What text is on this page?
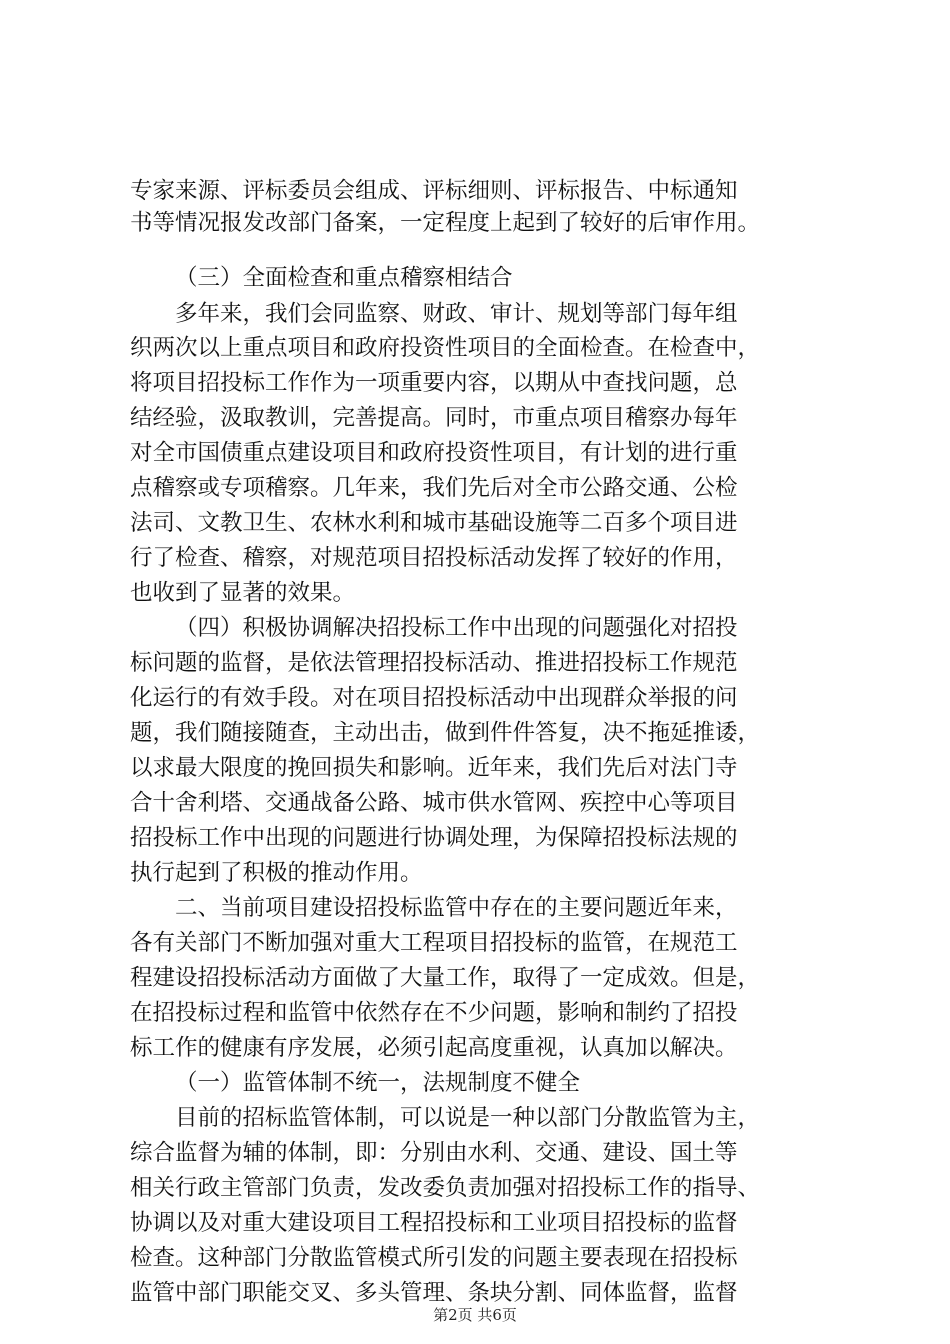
专家来源、评标委员会组成、评标细则、评标报告、中标通知

书等情况报发改部门备案，一定程度上起到了较好的后审作用。

（三）全面检查和重点稽察相结合

多年来，我们会同监察、财政、审计、规划等部门每年组

织两次以上重点项目和政府投资性项目的全面检查。在检查中，

将项目招投标工作作为一项重要内容，以期从中查找问题，总

结经验，汲取教训，完善提高。同时，市重点项目稽察办每年

对全市国债重点建设项目和政府投资性项目，有计划的进行重

点稽察或专项稽察。几年来，我们先后对全市公路交通、公检

法司、文教卫生、农林水利和城市基础设施等二百多个项目进

行了检查、稽察，对规范项目招投标活动发挥了较好的作用，

也收到了显著的效果。

（四）积极协调解决招投标工作中出现的问题强化对招投

标问题的监督，是依法管理招投标活动、推进招投标工作规范

化运行的有效手段。对在项目招投标活动中出现群众举报的问

题，我们随接随查，主动出击，做到件件答复，决不拖延推诿，

以求最大限度的挽回损失和影响。近年来，我们先后对法门寺

合十舍利塔、交通战备公路、城市供水管网、疾控中心等项目

招投标工作中出现的问题进行协调处理，为保障招投标法规的

执行起到了积极的推动作用。

二、当前项目建设招投标监管中存在的主要问题近年来，

各有关部门不断加强对重大工程项目招投标的监管，在规范工

程建设招投标活动方面做了大量工作，取得了一定成效。但是，

在招投标过程和监管中依然存在不少问题，影响和制约了招投

标工作的健康有序发展，必须引起高度重视，认真加以解决。

（一）监管体制不统一，法规制度不健全

目前的招标监管体制，可以说是一种以部门分散监管为主，

综合监督为辅的体制，即：分别由水利、交通、建设、国土等

相关行政主管部门负责，发改委负责加强对招投标工作的指导、

协调以及对重大建设项目工程招投标和工业项目招投标的监督

检查。这种部门分散监管模式所引发的问题主要表现在招投标

监管中部门职能交叉、多头管理、条块分割、同体监督，监督

第2页 共6页
